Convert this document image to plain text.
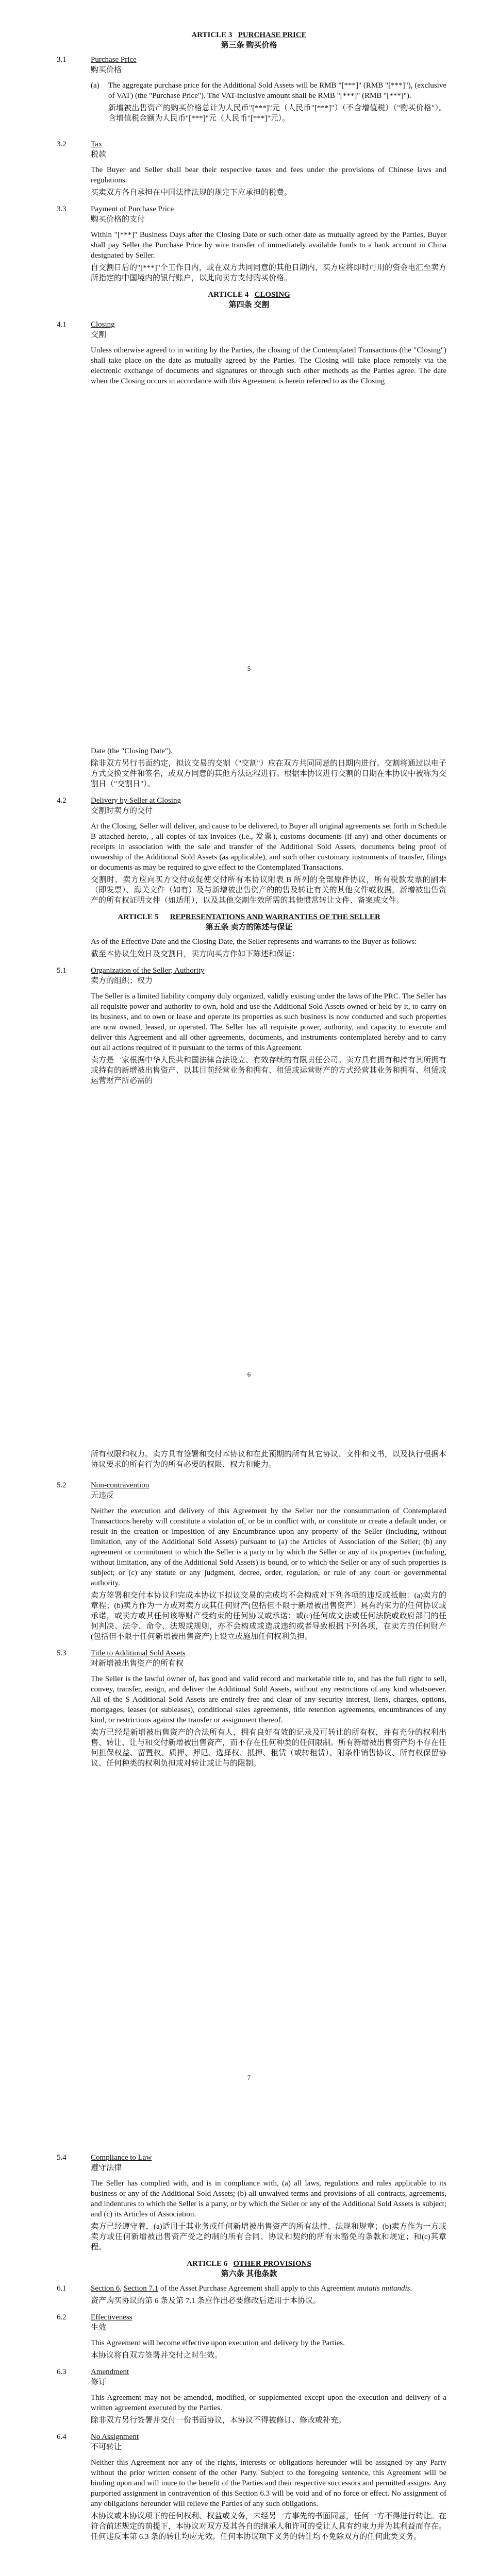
ARTICLE 3 PURCHASE PRICE

第三条 购买价格

3.1	Purchase Price

购买价格

(a) The aggregate purchase price for the Additional Sold Assets will be RMB "[***]" (RMB "[***]"), (exclusive of VAT) (the "Purchase Price"). The VAT-inclusive amount shall be RMB "[***]" (RMB "[***]").

新增被出售资产的购买价格总计为人民币"[***]"元（人民币"[***]"）（不含增值税）（"购买价格"）。含增值税金额为人民币"[***]"元（人民币"[***]"元）。

3.2	Tax

税款

The Buyer and Seller shall bear their respective taxes and fees under the provisions of Chinese laws and regulations.

买卖双方各自承担在中国法律法规的规定下应承担的税费。

3.3	Payment of Purchase Price

购买价格的支付

Within "[***]" Business Days after the Closing Date or such other date as mutually agreed by the Parties, Buyer shall pay Seller the Purchase Price by wire transfer of immediately available funds to a bank account in China designated by Seller.

自交割日后的"[***]"个工作日内，或在双方共同同意的其他日期内，买方应将即时可用的资金电汇至卖方所指定的中国境内的银行账户，以此向卖方支付购买价格。

ARTICLE 4 CLOSING

第四条 交割

4.1	Closing

交割

Unless otherwise agreed to in writing by the Parties, the closing of the Contemplated Transactions (the "Closing") shall take place on the date as mutually agreed by the Parties. The Closing will take place remotely via the electronic exchange of documents and signatures or through such other methods as the Parties agree. The date when the Closing occurs in accordance with this Agreement is herein referred to as the Closing

5

Date (the "Closing Date").

除非双方另行书面约定，拟议交易的交割（"交割"）应在双方共同同意的日期内进行。交割将通过以电子方式交换文件和签名，或双方同意的其他方法远程进行。根据本协议进行交割的日期在本协议中被称为交割日（"交割日"）。

4.2	Delivery by Seller at Closing

交割时卖方的交付

At the Closing, Seller will deliver, and cause to be delivered, to Buyer all original agreements set forth in Schedule B attached hereto, , all copies of tax invoices (i.e., 发票), customs documents (if any) and other documents or receipts in association with the sale and transfer of the Additional Sold Assets, documents being proof of ownership of the Additional Sold Assets (as applicable), and such other customary instruments of transfer, filings or documents as may be required to give effect to the Contemplated Transactions.

交割时，卖方应向买方交付或促使交付所有本协议附表 B 所列的全部原件协议，所有税款发票的副本（即发票）、海关文件（如有）及与新增被出售资产的的售及转让有关的其他文件或收据，新增被出售资产的所有权证明文件（如适用），以及其他交割生效所需的其他惯常转让文件、备案或文件。

ARTICLE 5 REPRESENTATIONS AND WARRANTIES OF THE SELLER

第五条 卖方的陈述与保证

As of the Effective Date and the Closing Date, the Seller represents and warrants to the Buyer as follows:

截至本协议生效日及交割日，卖方向买方作如下陈述和保证：

5.1	Organization of the Seller; Authority

卖方的组织；权力

The Seller is a limited liability company duly organized, validly existing under the laws of the PRC. The Seller has all requisite power and authority to own, hold and use the Additional Sold Assets owned or held by it, to carry on its business, and to own or lease and operate its properties as such business is now conducted and such properties are now owned, leased, or operated. The Seller has all requisite power, authority, and capacity to execute and deliver this Agreement and all other agreements, documents, and instruments contemplated hereby and to carry out all actions required of it pursuant to the terms of this Agreement.

卖方是一家根据中华人民共和国法律合法设立、有效存续的有限责任公司。卖方具有拥有和持有其所拥有或持有的新增被出售资产、以其目前经营业务和拥有、租赁或运营财产的方式经营其业务和拥有、租赁或运营财产所必需的

6

所有权限和权力。卖方具有签署和交付本协议和在此预期的所有其它协议、文件和文书，以及执行根据本协议要求的所有行为的所有必要的权限、权力和能力。

5.2	Non-contravention

无违反

Neither the execution and delivery of this Agreement by the Seller nor the consummation of Contemplated Transactions hereby will constitute a violation of, or be in conflict with, or constitute or create a default under, or result in the creation or imposition of any Encumbrance upon any property of the Seller (including, without limitation, any of the Additional Sold Assets) pursuant to (a) the Articles of Association of the Seller; (b) any agreement or commitment to which the Seller is a party or by which the Seller or any of its properties (including, without limitation, any of the Additional Sold Assets) is bound, or to which the Seller or any of such properties is subject; or (c) any statute or any judgment, decree, order, regulation, or rule of any court or governmental authority.

卖方签署和交付本协议和完成本协议下拟议交易的完成均不会构成对下列各项的违反或抵触：(a)卖方的章程；(b)卖方作为一方或对卖方或其任何财产(包括但不限于新增被出售资产）具有约束力的任何协议或承诺，或卖方或其任何该等财产受约束的任何协议或承诺；或(c)任何成文法或任何法院或政府部门的任何判决、法令、命令、法规或规则，亦不会构成或造成违约或者导致根据下列各项，在卖方的任何财产(包括但不限于任何新增被出售资产)上设立或施加任何权利负担。

5.3	Title to Additional Sold Assets

对新增被出售资产的所有权

The Seller is the lawful owner of, has good and valid record and marketable title to, and has the full right to sell, convey, transfer, assign, and deliver the Additional Sold Assets, without any restrictions of any kind whatsoever. All of the S Additional Sold Assets are entirely free and clear of any security interest, liens, charges, options, mortgages, leases (or subleases), conditional sales agreements, title retention agreements, encumbrances of any kind, or restrictions against the transfer or assignment thereof.

卖方已经是新增被出售资产的合法所有人，拥有良好有效的记录及可转让的所有权，并有充分的权利出售、转让、让与和交付新增被出售资产，而不存在任何种类的任何限制。所有新增被出售资产均不存在任何担保权益、留置权、质押、押记、选择权、抵押、租赁（或转租赁）、附条件销售协议、所有权保留协议、任何种类的权利负担或对转让或让与的限制。

7
5.4	Compliance to Law

遵守法律

The Seller has complied with, and is in compliance with, (a) all laws, regulations and rules applicable to its business or any of the Additional Sold Assets; (b) all unwaived terms and provisions of all contracts, agreements, and indentures to which the Seller is a party, or by which the Seller or any of the Additional Sold Assets is subject; and (c) its Articles of Association.

卖方已经遵守着，(a)适用于其业务或任何新增被出售资产的所有法律、法规和规章；(b)卖方作为一方或卖方或任何新增被出售资产受之约制的所有合同、协议和契约的所有未豁免的条款和规定；和(c)其章程。

ARTICLE 6 OTHER PROVISIONS

第六条 其他条款

6.1	Section 6, Section 7.1 of the Asset Purchase Agreement shall apply to this Agreement mutatis mutandis.

资产购买协议的第 6 条及第 7.1 条应作出必要修改后适用于本协议。

6.2	Effectiveness

生效

This Agreement will become effective upon execution and delivery by the Parties.

本协议将自双方签署并交付之时生效。

6.3	Amendment

修订

This Agreement may not be amended, modified, or supplemented except upon the execution and delivery of a written agreement executed by the Parties.

除非双方另行签署并交付一份书面协议，本协议不得被修订、修改或补充。

6.4	No Assignment

不可转让

Neither this Agreement nor any of the rights, interests or obligations hereunder will be assigned by any Party without the prior written consent of the other Party. Subject to the foregoing sentence, this Agreement will be binding upon and will inure to the benefit of the Parties and their respective successors and permitted assigns. Any purported assignment in contravention of this Section 6.3 will be void and of no force or effect. No assignment of any obligations hereunder will relieve the Parties of any such obligations.

本协议或本协议项下的任何权利、权益或义务，未经另一方事先的书面同意，任何一方不得进行转让。在符合前述规定的前提下，本协议对双方及其各自的继承人和许可的受让人具有约束力并为其利益而存在。任何违反本第 6.3 条的转让均应无效。任何本协议项下义务的转让均不免除双方的任何此类义务。
